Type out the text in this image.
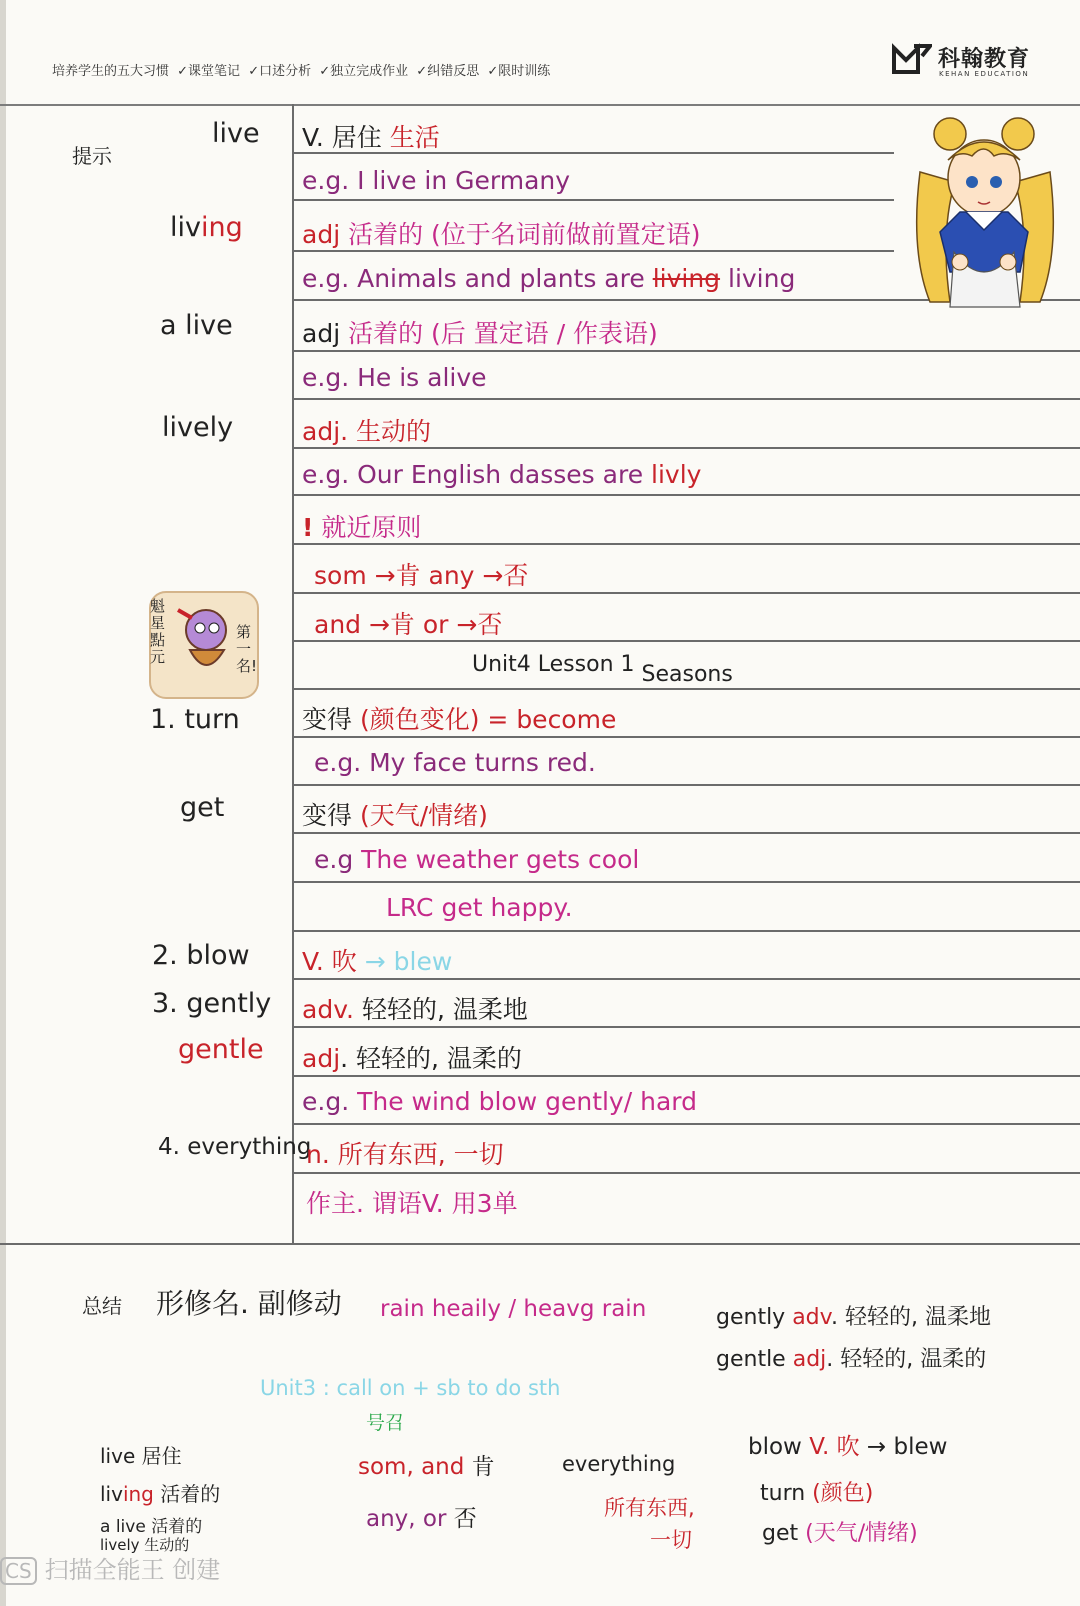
培养学生的五大习惯 ✓课堂笔记 ✓口述分析 ✓独立完成作业 ✓纠错反思 ✓限时训练	科翰教育
KEHAN EDUCATION
提示
live
living
a live
lively
1. turn
get
2. blow
3. gently
gentle
4. everything
V. 居住 生活
e.g. I live in Germany
adj 活着的 (位于名词前做前置定语)
e.g. Animals and plants are living living
adj 活着的 (后 置定语 / 作表语)
e.g. He is alive
adj. 生动的
e.g. Our English dasses are livly
! 就近原则
som →肯 any →否
and →肯 or →否
Unit4 Lesson 1 Seasons
变得 (颜色变化) = become
e.g. My face turns red.
变得 (天气/情绪)
e.g The weather gets cool
LRC get happy.
V. 吹 → blew
adv. 轻轻的, 温柔地
adj. 轻轻的, 温柔的
e.g. The wind blow gently/ hard
n. 所有东西, 一切
作主. 谓语V. 用3单
魁星點元
第一名!
总结 形修名. 副修动 rain heaily / heavg rain	gently adv. 轻轻的, 温柔地
gentle adj. 轻轻的, 温柔的
Unit3 : call on + sb to do sth
号召
live 居住
living 活着的
a live 活着的
lively 生动的
som, and 肯
any, or 否
everything
所有东西,
一切
blow V. 吹 → blew
turn (颜色)
get (天气/情绪)
CS 扫描全能王 创建
